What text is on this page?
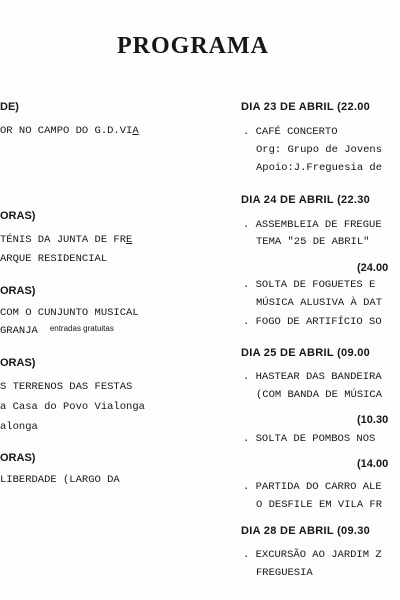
PROGRAMA
DE)
OR NO CAMPO DO G.D.VIA
ORAS)
TÉNIS DA JUNTA DE FRE
ARQUE RESIDENCIAL
ORAS)
COM O CUNJUNTO MUSICAL
GRANJA entradas gratuitas
ORAS)
S TERRENOS DAS FESTAS
a Casa do Povo Vialonga
alonga
ORAS)
LIBERDADE (LARGO DA
DIA 23 DE ABRIL (22.00
. CAFÉ CONCERTO
Org: Grupo de Jovens
Apoio:J.Freguesia de
DIA 24 DE ABRIL (22.30
. ASSEMBLEIA DE FREGUE
TEMA "25 DE ABRIL"
(24.00
. SOLTA DE FOGUETES E
MÚSICA ALUSIVA À DAT
. FOGO DE ARTIFÍCIO SO
DIA 25 DE ABRIL (09.00
. HASTEAR DAS BANDEIRA
(COM BANDA DE MÚSICA
(10.30
. SOLTA DE POMBOS NOS
(14.00
. PARTIDA DO CARRO ALE
O DESFILE EM VILA FR
DIA 28 DE ABRIL (09.30
. EXCURSÃO AO JARDIM Z
FREGUESIA
